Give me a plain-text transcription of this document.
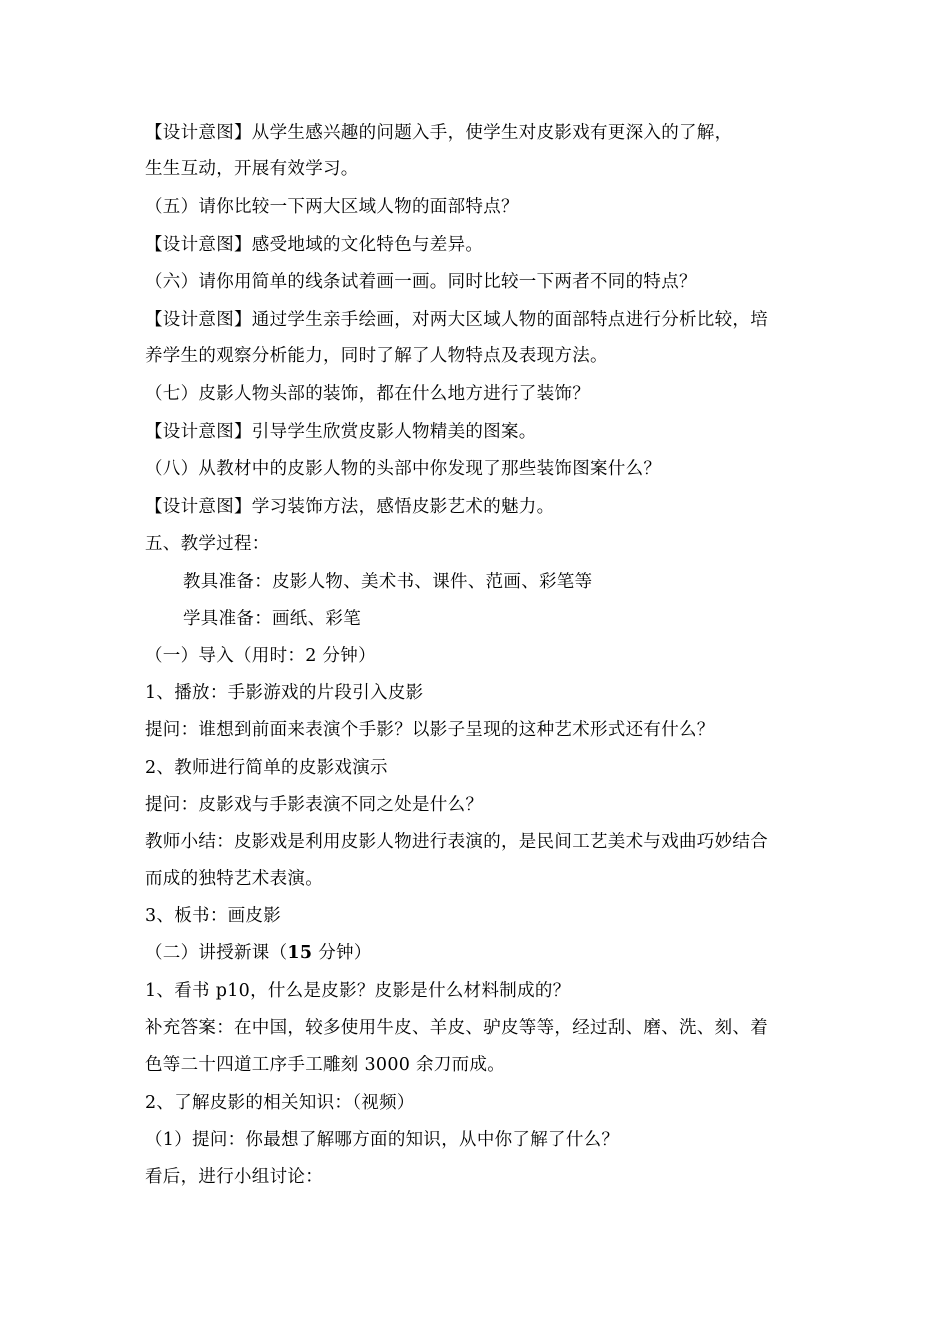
【设计意图】从学生感兴趣的问题入手，使学生对皮影戏有更深入的了解，
生生互动，开展有效学习。
（五）请你比较一下两大区域人物的面部特点？
【设计意图】感受地域的文化特色与差异。
（六）请你用简单的线条试着画一画。同时比较一下两者不同的特点？
【设计意图】通过学生亲手绘画，对两大区域人物的面部特点进行分析比较，培
养学生的观察分析能力，同时了解了人物特点及表现方法。
（七）皮影人物头部的装饰，都在什么地方进行了装饰？
【设计意图】引导学生欣赏皮影人物精美的图案。
（八）从教材中的皮影人物的头部中你发现了那些装饰图案什么？
【设计意图】学习装饰方法，感悟皮影艺术的魅力。
五、教学过程：
教具准备：皮影人物、美术书、课件、范画、彩笔等
学具准备：画纸、彩笔
（一）导入（用时：2 分钟）
1、播放：手影游戏的片段引入皮影
提问：谁想到前面来表演个手影？以影子呈现的这种艺术形式还有什么？
2、教师进行简单的皮影戏演示
提问：皮影戏与手影表演不同之处是什么？
教师小结：皮影戏是利用皮影人物进行表演的，是民间工艺美术与戏曲巧妙结合
而成的独特艺术表演。
3、板书：画皮影
（二）讲授新课（15 分钟）
1、看书 p10，什么是皮影？皮影是什么材料制成的？
补充答案：在中国，较多使用牛皮、羊皮、驴皮等等，经过刮、磨、洗、刻、着
色等二十四道工序手工雕刻 3000 余刀而成。
2、了解皮影的相关知识：（视频）
（1）提问：你最想了解哪方面的知识，从中你了解了什么？
看后，进行小组讨论：
